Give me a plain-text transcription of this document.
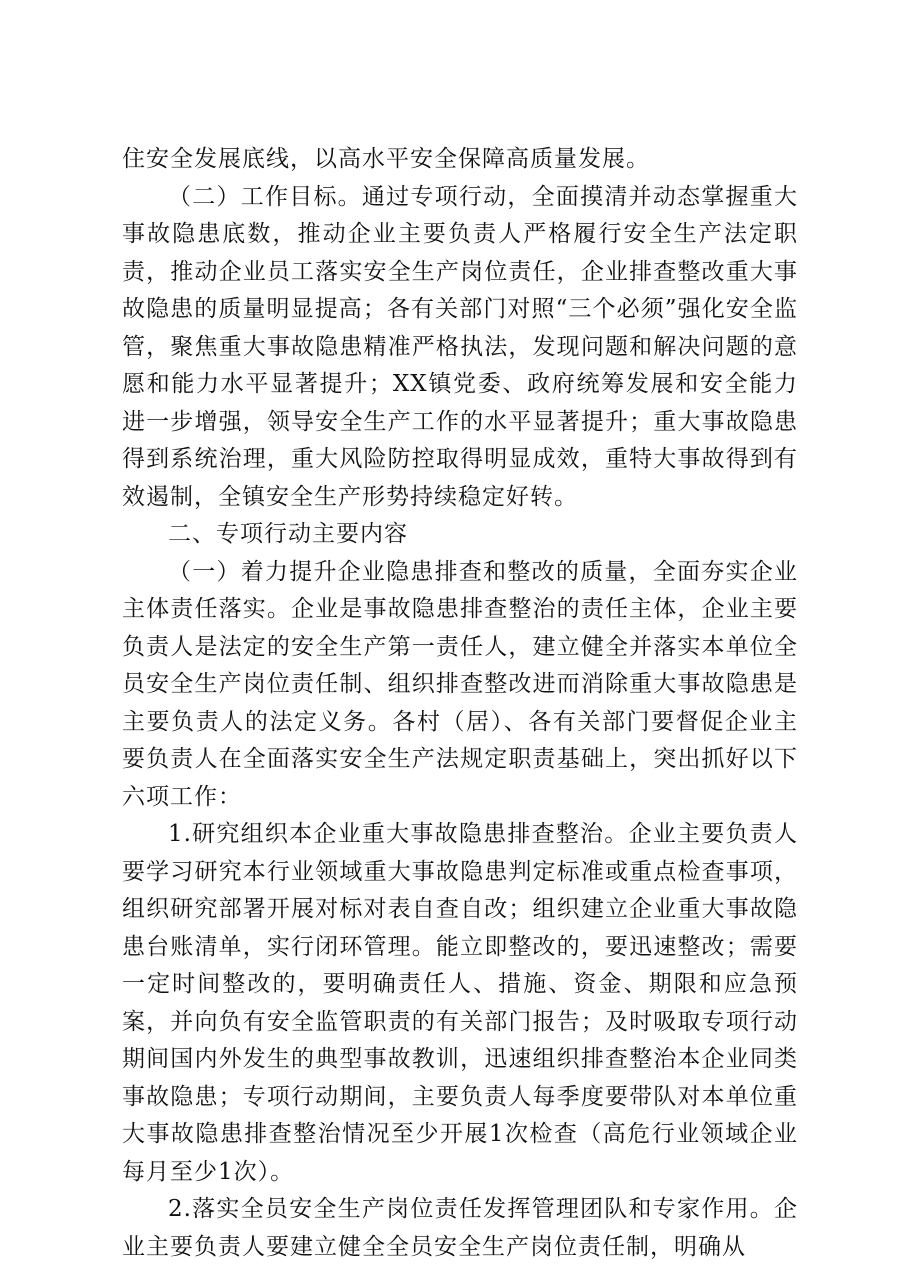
住安全发展底线，以高水平安全保障高质量发展。

（二）工作目标。通过专项行动，全面摸清并动态掌握重大事故隐患底数，推动企业主要负责人严格履行安全生产法定职责，推动企业员工落实安全生产岗位责任，企业排查整改重大事故隐患的质量明显提高；各有关部门对照“三个必须”强化安全监管，聚焦重大事故隐患精准严格执法，发现问题和解决问题的意愿和能力水平显著提升；XX镇党委、政府统筹发展和安全能力进一步增强，领导安全生产工作的水平显著提升；重大事故隐患得到系统治理，重大风险防控取得明显成效，重特大事故得到有效遏制，全镇安全生产形势持续稳定好转。

二、专项行动主要内容

（一）着力提升企业隐患排查和整改的质量，全面夯实企业主体责任落实。企业是事故隐患排查整治的责任主体，企业主要负责人是法定的安全生产第一责任人，建立健全并落实本单位全员安全生产岗位责任制、组织排查整改进而消除重大事故隐患是主要负责人的法定义务。各村（居）、各有关部门要督促企业主要负责人在全面落实安全生产法规定职责基础上，突出抓好以下六项工作：

1.研究组织本企业重大事故隐患排查整治。企业主要负责人要学习研究本行业领域重大事故隐患判定标准或重点检查事项，组织研究部署开展对标对表自查自改；组织建立企业重大事故隐患台账清单，实行闭环管理。能立即整改的，要迅速整改；需要一定时间整改的，要明确责任人、措施、资金、期限和应急预案，并向负有安全监管职责的有关部门报告；及时吸取专项行动期间国内外发生的典型事故教训，迅速组织排查整治本企业同类事故隐患；专项行动期间，主要负责人每季度要带队对本单位重大事故隐患排查整治情况至少开展1次检查（高危行业领域企业每月至少1次）。

2.落实全员安全生产岗位责任发挥管理团队和专家作用。企业主要负责人要建立健全全员安全生产岗位责任制，明确从
